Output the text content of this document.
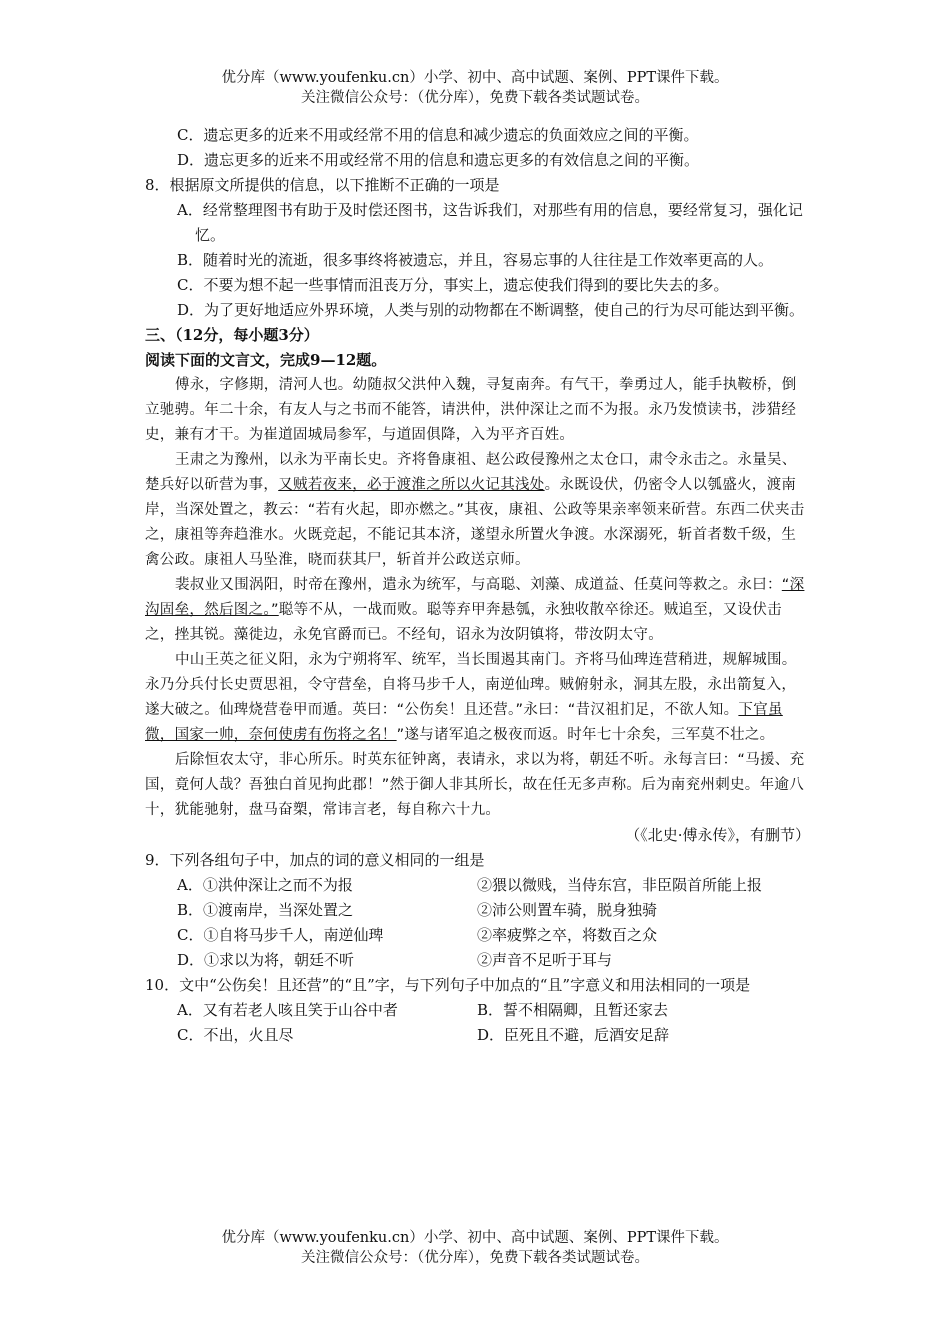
优分库（www.youfenku.cn）小学、初中、高中试题、案例、PPT课件下载。
关注微信公众号：（优分库），免费下载各类试题试卷。
C．遗忘更多的近来不用或经常不用的信息和减少遗忘的负面效应之间的平衡。
D．遗忘更多的近来不用或经常不用的信息和遗忘更多的有效信息之间的平衡。
8．根据原文所提供的信息，以下推断不正确的一项是
A．经常整理图书有助于及时偿还图书，这告诉我们，对那些有用的信息，要经常复习，强化记忆。
B．随着时光的流逝，很多事终将被遗忘，并且，容易忘事的人往往是工作效率更高的人。
C．不要为想不起一些事情而沮丧万分，事实上，遗忘使我们得到的要比失去的多。
D．为了更好地适应外界环境，人类与别的动物都在不断调整，使自己的行为尽可能达到平衡。
三、（12分，每小题3分）
阅读下面的文言文，完成9—12题。
傅永，字修期，清河人也。幼随叔父洪仲入魏，寻复南奔。有气干，拳勇过人，能手执鞍桥，倒立驰骋。年二十余，有友人与之书而不能答，请洪仲，洪仲深让之而不为报。永乃发愤读书，涉猎经史，兼有才干。为崔道固城局参军，与道固俱降，入为平齐百姓。
王肃之为豫州，以永为平南长史。齐将鲁康祖、赵公政侵豫州之太仓口，肃令永击之。永量吴、楚兵好以斫营为事，又贼若夜来，必于渡淮之所以火记其浅处。永既设伏，仍密令人以瓠盛火，渡南岸，当深处置之，教云：“若有火起，即亦燃之。”其夜，康祖、公政等果亲率领来斫营。东西二伏夹击之，康祖等奔趋淮水。火既竞起，不能记其本济，遂望永所置火争渡。水深溺死，斩首者数千级，生禽公政。康祖人马坠淮，晓而获其尸，斩首并公政送京师。
裴叔业又围涡阳，时帝在豫州，遣永为统军，与高聪、刘藻、成道益、任莫问等救之。永曰：“深沟固垒，然后图之。”聪等不从，一战而败。聪等弃甲奔悬瓠，永独收散卒徐还。贼追至，又设伏击之，挫其锐。藻徙边，永免官爵而已。不经旬，诏永为汝阴镇将，带汝阴太守。
中山王英之征义阳，永为宁朔将军、统军，当长围遏其南门。齐将马仙琕连营稍进，规解城围。永乃分兵付长史贾思祖，令守营垒，自将马步千人，南逆仙琕。贼俯射永，洞其左股，永出箭复入，遂大破之。仙琕烧营卷甲而遁。英曰：“公伤矣！且还营。”永曰：“昔汉祖扪足，不欲人知。下官虽微，国家一帅，奈何使虏有伤将之名！”遂与诸军追之极夜而返。时年七十余矣，三军莫不壮之。
后除恒农太守，非心所乐。时英东征钟离，表请永，求以为将，朝廷不听。永每言曰：“马援、充国，竟何人哉？吾独白首见拘此郡！”然于御人非其所长，故在任无多声称。后为南兖州刺史。年逾八十，犹能驰射，盘马奋槊，常讳言老，每自称六十九。
（《北史·傅永传》，有删节）
9．下列各组句子中，加点的词的意义相同的一组是
A．①洪仲深让之而不为报	②猥以微贱，当侍东宫，非臣陨首所能上报
B．①渡南岸，当深处置之	②沛公则置车骑，脱身独骑
C．①自将马步千人，南逆仙琕	②率疲弊之卒，将数百之众
D．①求以为将，朝廷不听	②声音不足听于耳与
10．文中“公伤矣！且还营”的“且”字，与下列句子中加点的“且”字意义和用法相同的一项是
A．又有若老人咳且笑于山谷中者	B．誓不相隔卿，且暂还家去
C．不出，火且尽	D．臣死且不避，卮酒安足辞
优分库（www.youfenku.cn）小学、初中、高中试题、案例、PPT课件下载。
关注微信公众号：（优分库），免费下载各类试题试卷。
